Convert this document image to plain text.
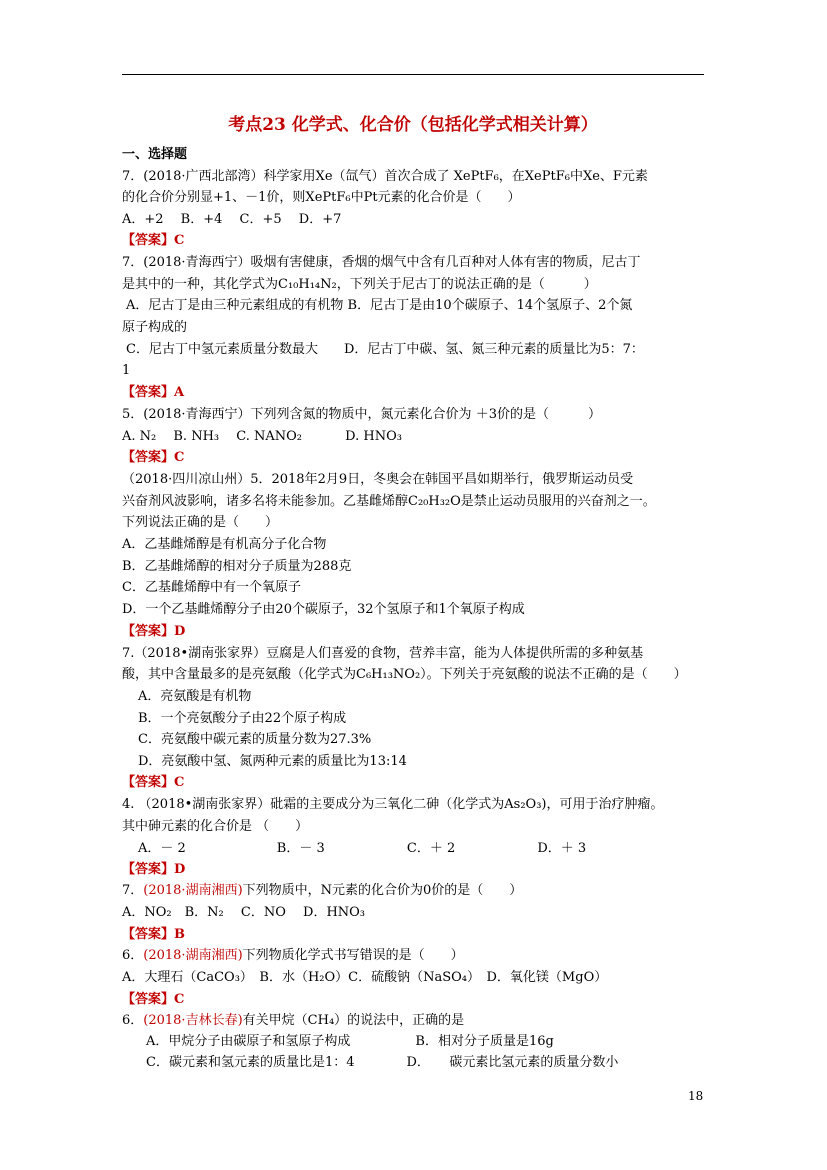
考点23 化学式、化合价（包括化学式相关计算）
一、选择题
7．(2018·广西北部湾）科学家用Xe（氙气）首次合成了 XePtF₆，在XePtF₆中Xe、F元素
的化合价分别显+1、－1价，则XePtF₆中Pt元素的化合价是（　　）
A．+2　 B．+4　 C．+5　 D．+7
【答案】C
7．(2018·青海西宁）吸烟有害健康，香烟的烟气中含有几百种对人体有害的物质，尼古丁
是其中的一种，其化学式为C₁₀H₁₄N₂，下列关于尼古丁的说法正确的是（　　　）
A．尼古丁是由三种元素组成的有机物 B．尼古丁是由10个碳原子、14个氢原子、2个氮
原子构成的
C．尼古丁中氢元素质量分数最大　　D．尼古丁中碳、氢、氮三种元素的质量比为5：7：
1
【答案】A
5．(2018·青海西宁）下列列含氮的物质中，氮元素化合价为 ＋3价的是（　　　）
A. N₂　 B. NH₃　 C. NANO₂　　　 D. HNO₃
【答案】C
（2018·四川凉山州）5．2018年2月9日，冬奥会在韩国平昌如期举行，俄罗斯运动员受
兴奋剂风波影响，诸多名将未能参加。乙基雌烯醇C₂₀H₃₂O是禁止运动员服用的兴奋剂之一。
下列说法正确的是（　　）
A．乙基雌烯醇是有机高分子化合物
B．乙基雌烯醇的相对分子质量为288克
C．乙基雌烯醇中有一个氧原子
D．一个乙基雌烯醇分子由20个碳原子，32个氢原子和1个氧原子构成
【答案】D
7.（2018•湖南张家界）豆腐是人们喜爱的食物，营养丰富，能为人体提供所需的多种氨基
酸，其中含量最多的是亮氨酸（化学式为C₆H₁₃NO₂）。下列关于亮氨酸的说法不正确的是（　　）
A．亮氨酸是有机物
B．一个亮氨酸分子由22个原子构成
C．亮氨酸中碳元素的质量分数为27.3%
D．亮氨酸中氢、氮两种元素的质量比为13:14
【答案】C
4. （2018•湖南张家界）砒霜的主要成分为三氧化二砷（化学式为As₂O₃)，可用于治疗肿瘤。
其中砷元素的化合价是 （　　）
A．－ 2　　　　　　　B．－ 3　　　　　　 C．＋ 2　　　　　　 D．＋ 3
【答案】D
7．(2018·湖南湘西)下列物质中，N元素的化合价为0价的是（　　）
A．NO₂　B．N₂　 C．NO　 D．HNO₃
【答案】B
6．(2018·湖南湘西)下列物质化学式书写错误的是（　　）
A．大理石（CaCO₃）　B．水（H₂O）C．硫酸钠（NaSO₄）　D．氧化镁（MgO）
【答案】C
6．(2018·吉林长春)有关甲烷（CH₄）的说法中，正确的是
A．甲烷分子由碳原子和氢原子构成　　　　　B．相对分子质量是16g
C．碳元素和氢元素的质量比是1：4　　　　D．　　碳元素比氢元素的质量分数小
18
